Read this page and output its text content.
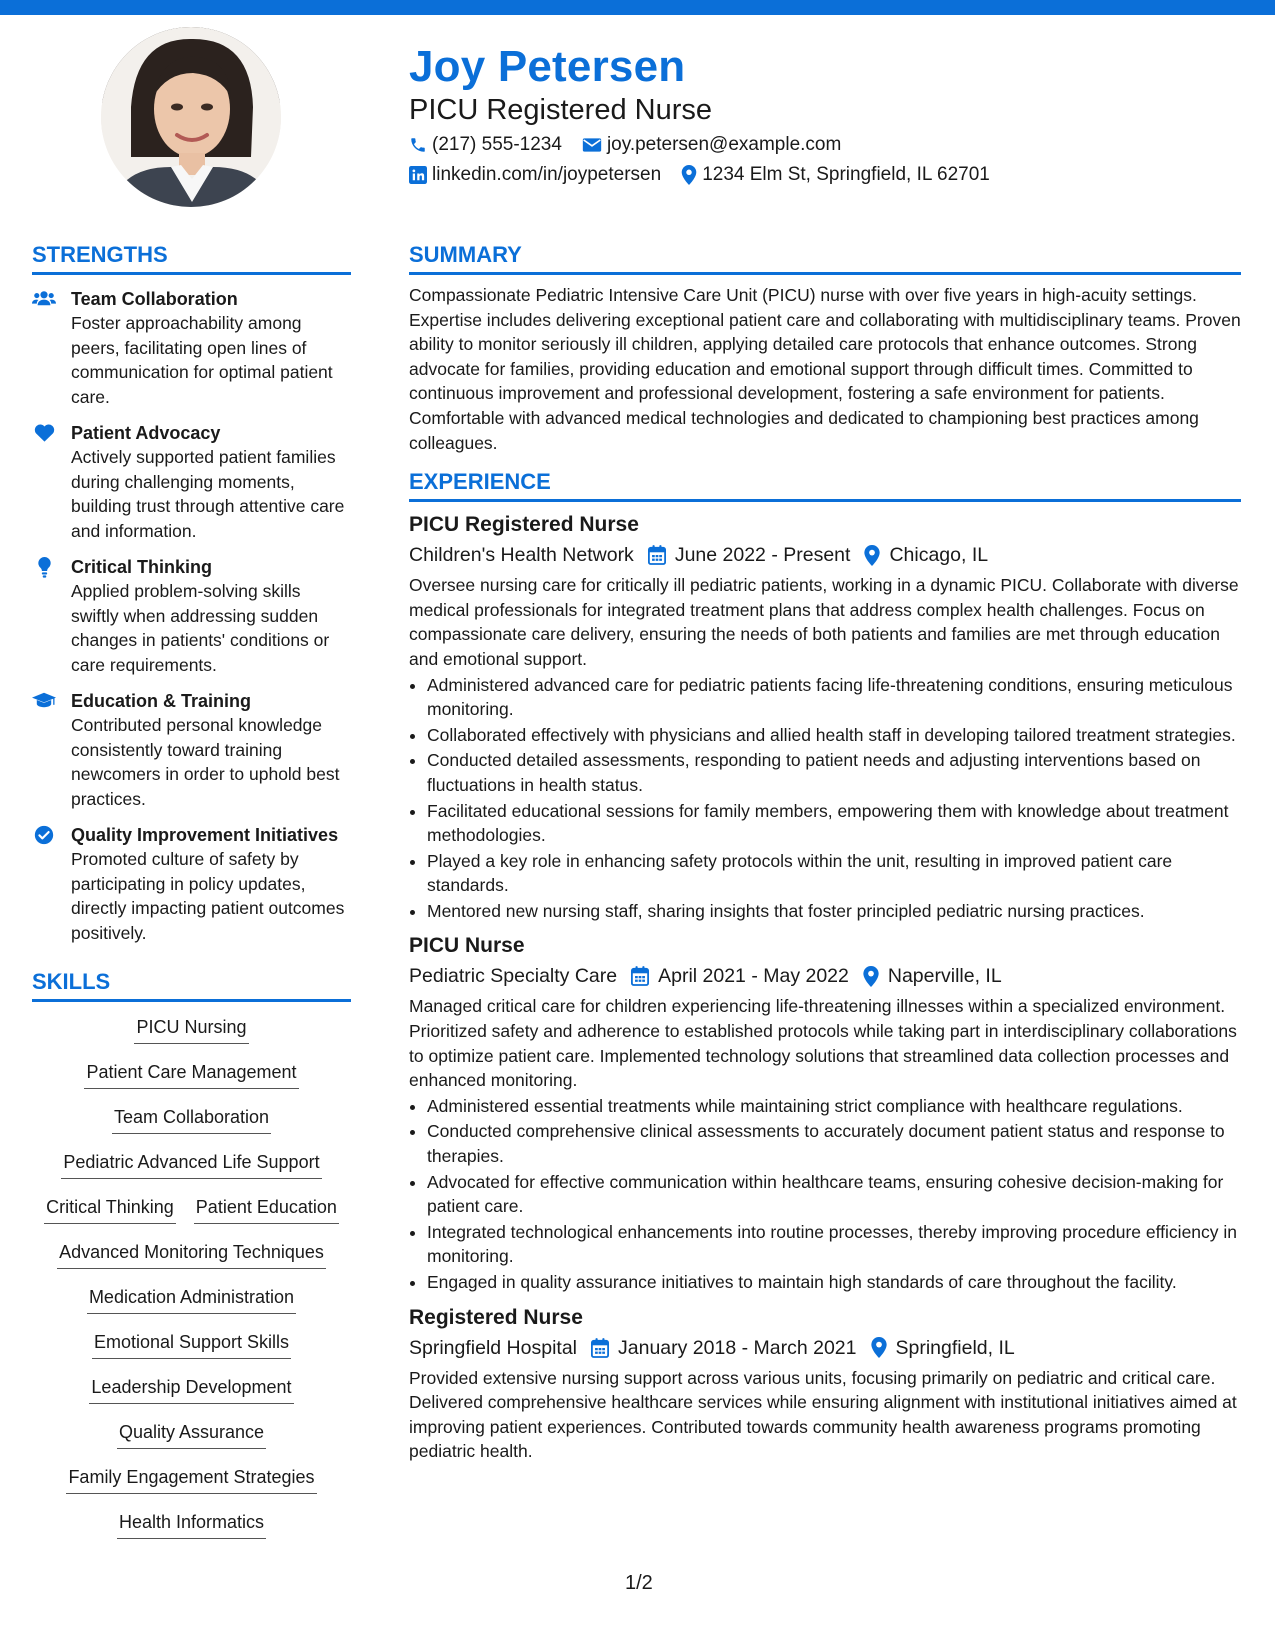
Joy Petersen
PICU Registered Nurse
(217) 555-1234 joy.petersen@example.com
linkedin.com/in/joypetersen 1234 Elm St, Springfield, IL 62701
STRENGTHS
Team Collaboration
Foster approachability among peers, facilitating open lines of communication for optimal patient care.
Patient Advocacy
Actively supported patient families during challenging moments, building trust through attentive care and information.
Critical Thinking
Applied problem-solving skills swiftly when addressing sudden changes in patients' conditions or care requirements.
Education & Training
Contributed personal knowledge consistently toward training newcomers in order to uphold best practices.
Quality Improvement Initiatives
Promoted culture of safety by participating in policy updates, directly impacting patient outcomes positively.
SKILLS
PICU Nursing
Patient Care Management
Team Collaboration
Pediatric Advanced Life Support
Critical Thinking Patient Education
Advanced Monitoring Techniques
Medication Administration
Emotional Support Skills
Leadership Development
Quality Assurance
Family Engagement Strategies
Health Informatics
SUMMARY

Compassionate Pediatric Intensive Care Unit (PICU) nurse with over five years in high-acuity settings. Expertise includes delivering exceptional patient care and collaborating with multidisciplinary teams. Proven ability to monitor seriously ill children, applying detailed care protocols that enhance outcomes. Strong advocate for families, providing education and emotional support through difficult times. Committed to continuous improvement and professional development, fostering a safe environment for patients. Comfortable with advanced medical technologies and dedicated to championing best practices among colleagues.

EXPERIENCE
PICU Registered Nurse
Children's Health Network June 2022 - Present Chicago, IL
Oversee nursing care for critically ill pediatric patients, working in a dynamic PICU. Collaborate with diverse medical professionals for integrated treatment plans that address complex health challenges. Focus on compassionate care delivery, ensuring the needs of both patients and families are met through education and emotional support.
• Administered advanced care for pediatric patients facing life-threatening conditions, ensuring meticulous monitoring.
• Collaborated effectively with physicians and allied health staff in developing tailored treatment strategies.
• Conducted detailed assessments, responding to patient needs and adjusting interventions based on fluctuations in health status.
• Facilitated educational sessions for family members, empowering them with knowledge about treatment methodologies.
• Played a key role in enhancing safety protocols within the unit, resulting in improved patient care standards.
• Mentored new nursing staff, sharing insights that foster principled pediatric nursing practices.
PICU Nurse
Pediatric Specialty Care April 2021 - May 2022 Naperville, IL
Managed critical care for children experiencing life-threatening illnesses within a specialized environment. Prioritized safety and adherence to established protocols while taking part in interdisciplinary collaborations to optimize patient care. Implemented technology solutions that streamlined data collection processes and enhanced monitoring.
• Administered essential treatments while maintaining strict compliance with healthcare regulations.
• Conducted comprehensive clinical assessments to accurately document patient status and response to therapies.
• Advocated for effective communication within healthcare teams, ensuring cohesive decision-making for patient care.
• Integrated technological enhancements into routine processes, thereby improving procedure efficiency in monitoring.
• Engaged in quality assurance initiatives to maintain high standards of care throughout the facility.
Registered Nurse
Springfield Hospital January 2018 - March 2021 Springfield, IL
Provided extensive nursing support across various units, focusing primarily on pediatric and critical care. Delivered comprehensive healthcare services while ensuring alignment with institutional initiatives aimed at improving patient experiences. Contributed towards community health awareness programs promoting pediatric health.
1/2
